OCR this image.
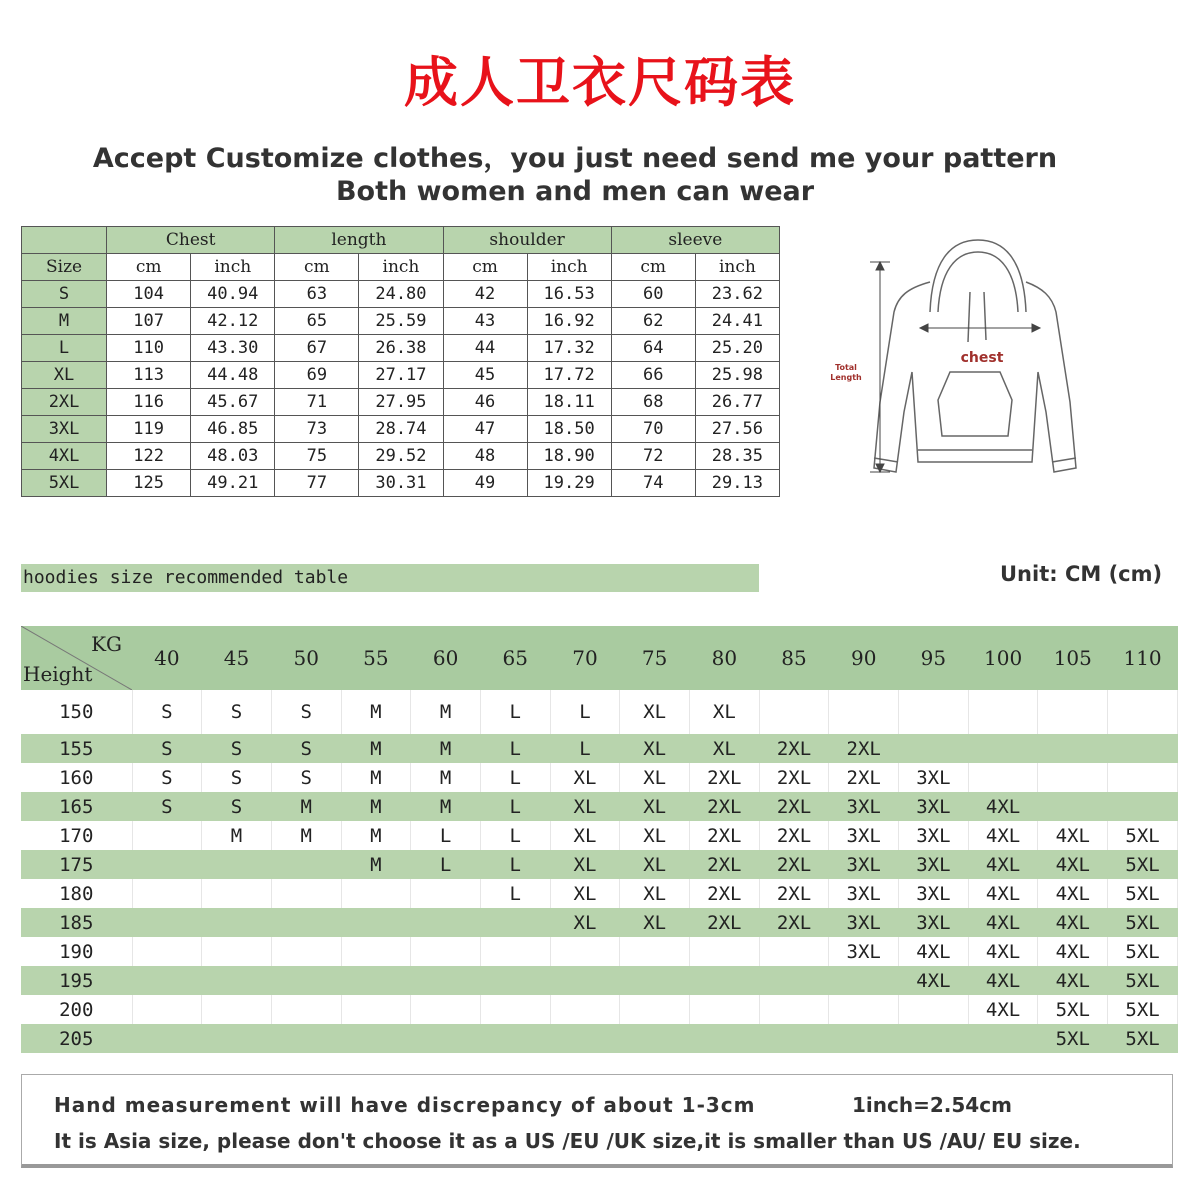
成人卫衣尺码表
Accept Customize clothes，you just need send me your pattern
Both women and men can wear
	Chest		length		shoulder		sleeve	
Size	cm	inch	cm	inch	cm	inch	cm	inch
S	104	40.94	63	24.80	42	16.53	60	23.62
M	107	42.12	65	25.59	43	16.92	62	24.41
L	110	43.30	67	26.38	44	17.32	64	25.20
XL	113	44.48	69	27.17	45	17.72	66	25.98
2XL	116	45.67	71	27.95	46	18.11	68	26.77
3XL	119	46.85	73	28.74	47	18.50	70	27.56
4XL	122	48.03	75	29.52	48	18.90	72	28.35
5XL	125	49.21	77	30.31	49	19.29	74	29.13
chest
Total
Length
hoodies size recommended table	Unit: CM (cm)
KG
Height	40	45	50	55	60	65	70	75	80	85	90	95	100	105	110
150	S	S	S	M	M	L	L	XL	XL						
155	S	S	S	M	M	L	L	XL	XL	2XL	2XL				
160	S	S	S	M	M	L	XL	XL	2XL	2XL	2XL	3XL			
165	S	S	M	M	M	L	XL	XL	2XL	2XL	3XL	3XL	4XL		
170		M	M	M	L	L	XL	XL	2XL	2XL	3XL	3XL	4XL	4XL	5XL
175				M	L	L	XL	XL	2XL	2XL	3XL	3XL	4XL	4XL	5XL
180						L	XL	XL	2XL	2XL	3XL	3XL	4XL	4XL	5XL
185							XL	XL	2XL	2XL	3XL	3XL	4XL	4XL	5XL
190											3XL	4XL	4XL	4XL	5XL
195												4XL	4XL	4XL	5XL
200													4XL	5XL	5XL
205														5XL	5XL
Hand measurement will have discrepancy of about 1-3cm	1inch=2.54cm
It is Asia size, please don't choose it as a US /EU /UK size,it is smaller than US /AU/ EU size.
